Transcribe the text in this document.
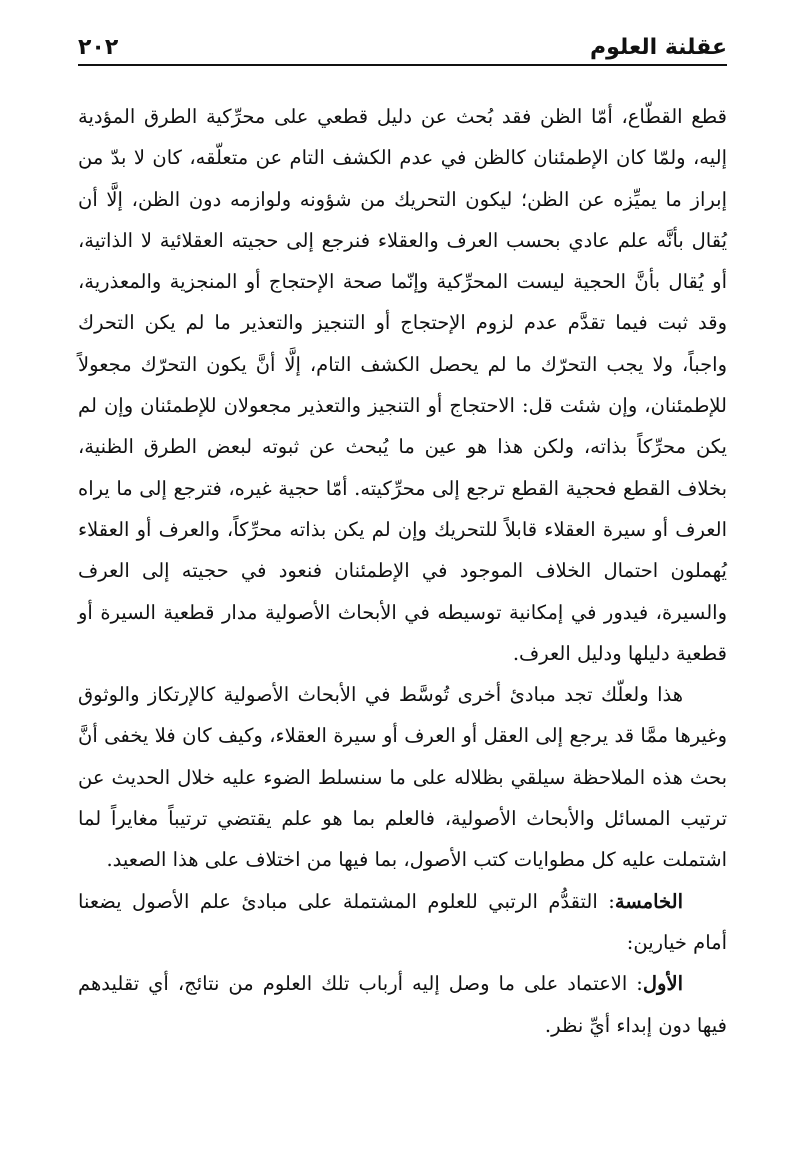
عقلنة العلوم
٢٠٢

قطع القطّاع، أمّا الظن فقد بُحث عن دليل قطعي على محرِّكية الطرق المؤدية إليه، ولمّا كان الإطمئنان كالظن في عدم الكشف التام عن متعلّقه، كان لا بدّ من إبراز ما يميِّزه عن الظن؛ ليكون التحريك من شؤونه ولوازمه دون الظن، إلَّا أن يُقال بأنَّه علم عادي بحسب العرف والعقلاء فنرجع إلى حجيته العقلائية لا الذاتية، أو يُقال بأنَّ الحجية ليست المحرِّكية وإنّما صحة الإحتجاج أو المنجزية والمعذرية، وقد ثبت فيما تقدَّم عدم لزوم الإحتجاج أو التنجيز والتعذير ما لم يكن التحرك واجباً، ولا يجب التحرّك ما لم يحصل الكشف التام، إلَّا أنَّ يكون التحرّك مجعولاً للإطمئنان، وإن شئت قل: الاحتجاج أو التنجيز والتعذير مجعولان للإطمئنان وإن لم يكن محرِّكاً بذاته، ولكن هذا هو عين ما يُبحث عن ثبوته لبعض الطرق الظنية، بخلاف القطع فحجية القطع ترجع إلى محرِّكيته. أمّا حجية غيره، فترجع إلى ما يراه العرف أو سيرة العقلاء قابلاً للتحريك وإن لم يكن بذاته محرِّكاً، والعرف أو العقلاء يُهملون احتمال الخلاف الموجود في الإطمئنان فنعود في حجيته إلى العرف والسيرة، فيدور في إمكانية توسيطه في الأبحاث الأصولية مدار قطعية السيرة أو قطعية دليلها ودليل العرف.

هذا ولعلّك تجد مبادئ أخرى تُوسَّط في الأبحاث الأصولية كالإرتكاز والوثوق وغيرها ممَّا قد يرجع إلى العقل أو العرف أو سيرة العقلاء، وكيف كان فلا يخفى أنَّ بحث هذه الملاحظة سيلقي بظلاله على ما سنسلط الضوء عليه خلال الحديث عن ترتيب المسائل والأبحاث الأصولية، فالعلم بما هو علم يقتضي ترتيباً مغايراً لما اشتملت عليه كل مطوايات كتب الأصول، بما فيها من اختلاف على هذا الصعيد.

الخامسة: التقدُّم الرتبي للعلوم المشتملة على مبادئ علم الأصول يضعنا أمام خيارين:

الأول: الاعتماد على ما وصل إليه أرباب تلك العلوم من نتائج، أي تقليدهم فيها دون إبداء أيِّ نظر.
